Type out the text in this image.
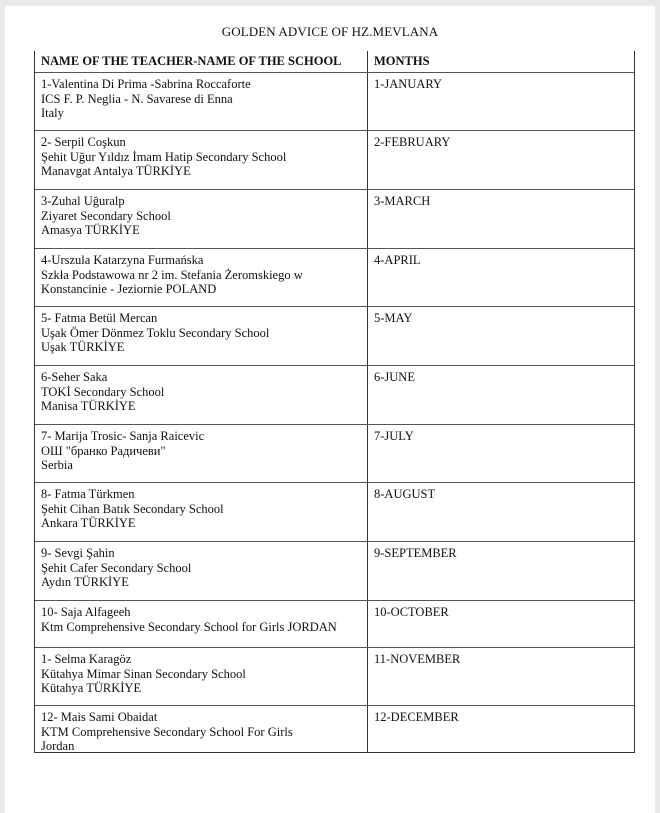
GOLDEN ADVICE OF HZ.MEVLANA
NAME OF THE TEACHER-NAME OF THE SCHOOL	MONTHS
1-Valentina Di Prima -Sabrina Roccaforte
ICS F. P. Neglia - N. Savarese di Enna
Italy
1-JANUARY
2- Serpil Coşkun
Şehit Uğur Yıldız İmam Hatip Secondary School
Manavgat Antalya TÜRKİYE
2-FEBRUARY
3-Zuhal Uğuralp
Ziyaret Secondary School
Amasya TÜRKİYE
3-MARCH
4-Urszula Katarzyna Furmańska
Szkła Podstawowa nr 2 im. Stefania Żeromskiego w
Konstancinie - Jeziornie POLAND
4-APRIL
5- Fatma Betül Mercan
Uşak Ömer Dönmez Toklu Secondary School
Uşak TÜRKİYE
5-MAY
6-Seher Saka
TOKİ Secondary School
Manisa TÜRKİYE
6-JUNE
7- Marija Trosic- Sanja Raicevic
ОШ "бранко Радичеви"
Serbia
7-JULY
8- Fatma Türkmen
Şehit Cihan Batık Secondary School
Ankara TÜRKİYE
8-AUGUST
9- Sevgi Şahin
Şehit Cafer Secondary School
Aydın TÜRKİYE
9-SEPTEMBER
10- Saja Alfageeh
Ktm Comprehensive Secondary School for Girls JORDAN
10-OCTOBER
1- Selma Karagöz
Kütahya Mimar Sinan Secondary School
Kütahya TÜRKİYE
11-NOVEMBER
12- Mais Sami Obaidat
KTM Comprehensive Secondary School For Girls
Jordan
12-DECEMBER
